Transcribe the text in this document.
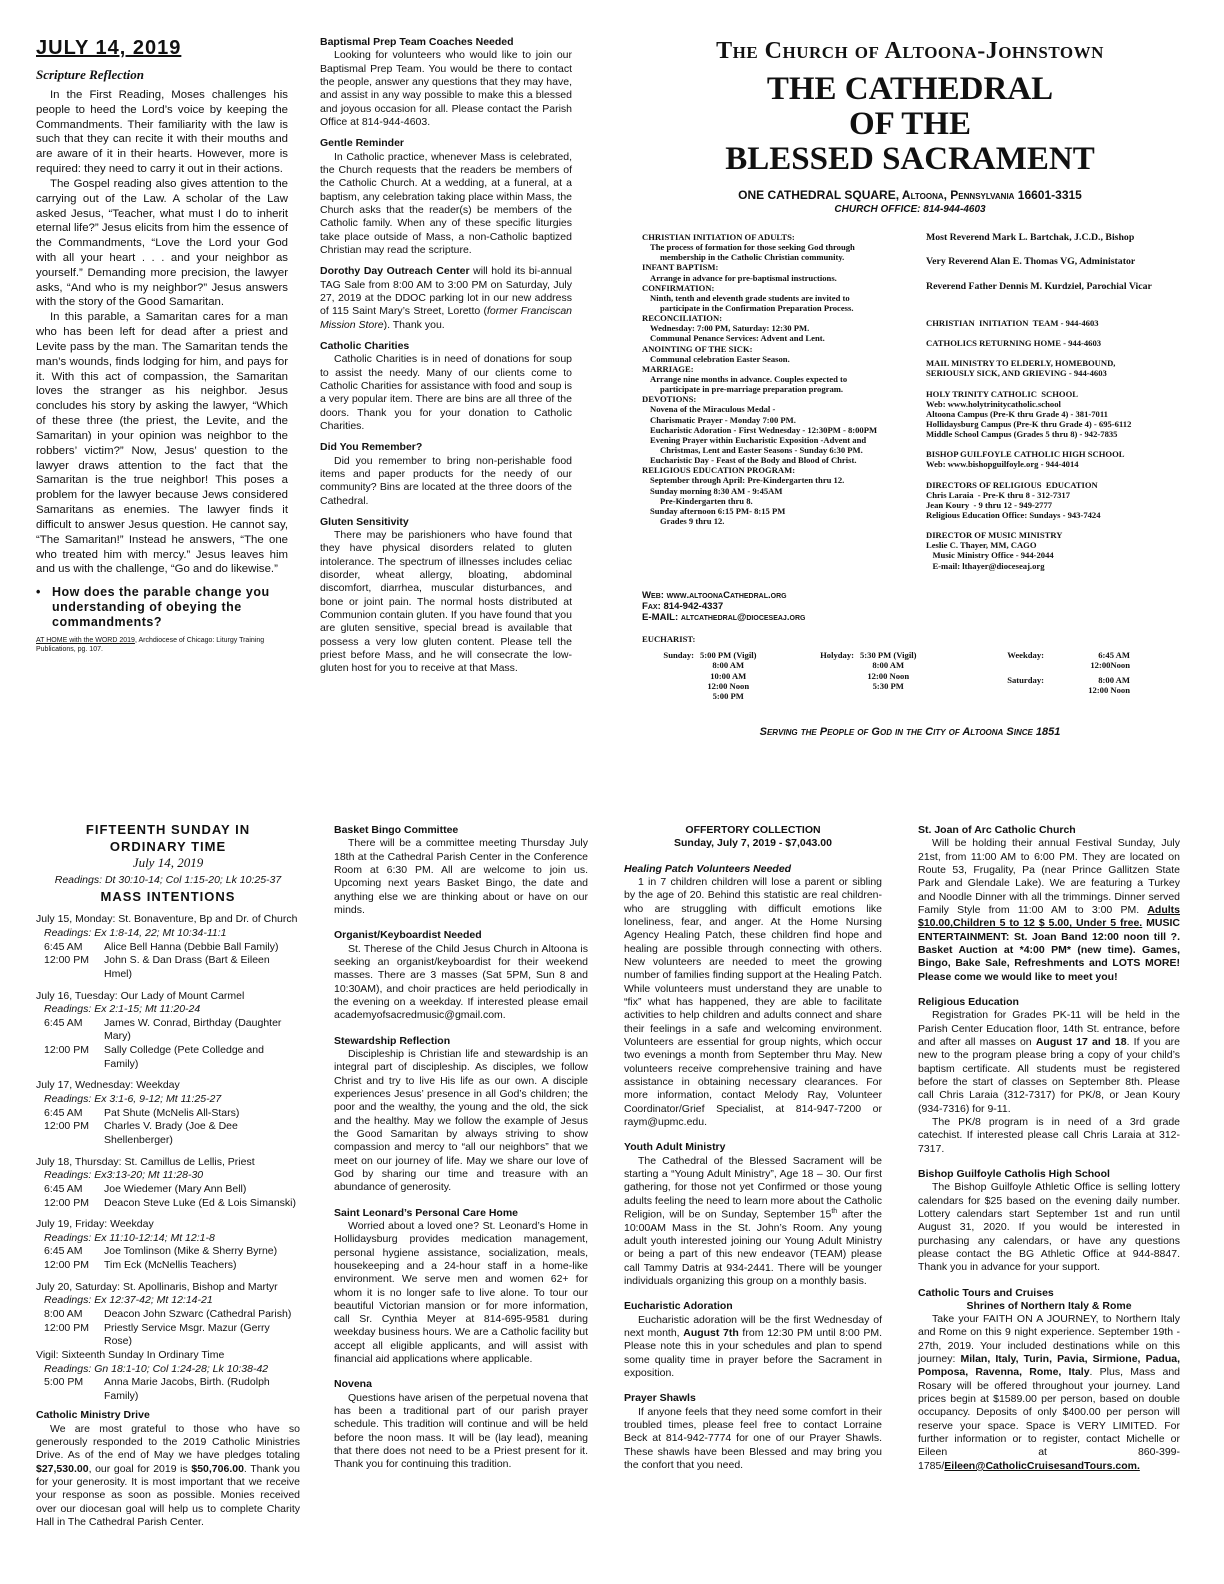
JULY 14, 2019
Scripture Reflection

In the First Reading, Moses challenges his people to heed the Lord’s voice by keeping the Commandments. Their familiarity with the law is such that they can recite it with their mouths and are aware of it in their hearts. However, more is required: they need to carry it out in their actions.

The Gospel reading also gives attention to the carrying out of the Law. A scholar of the Law asked Jesus, “Teacher, what must I do to inherit eternal life?” Jesus elicits from him the essence of the Commandments, “Love the Lord your God with all your heart . . . and your neighbor as yourself.” Demanding more precision, the lawyer asks, “And who is my neighbor?” Jesus answers with the story of the Good Samaritan.

In this parable, a Samaritan cares for a man who has been left for dead after a priest and Levite pass by the man. The Samaritan tends the man’s wounds, finds lodging for him, and pays for it. With this act of compassion, the Samaritan loves the stranger as his neighbor. Jesus concludes his story by asking the lawyer, “Which of these three (the priest, the Levite, and the Samaritan) in your opinion was neighbor to the robbers’ victim?” Now, Jesus’ question to the lawyer draws attention to the fact that the Samaritan is the true neighbor! This poses a problem for the lawyer because Jews considered Samaritans as enemies. The lawyer finds it difficult to answer Jesus question. He cannot say, “The Samaritan!” Instead he answers, “The one who treated him with mercy.” Jesus leaves him and us with the challenge, “Go and do likewise.”

• How does the parable change you understanding of obeying the commandments?
AT HOME with the WORD 2019, Archdiocese of Chicago: Liturgy Training Publications, pg. 107.
Baptismal Prep Team Coaches Needed

Looking for volunteers who would like to join our Baptismal Prep Team. You would be there to contact the people, answer any questions that they may have, and assist in any way possible to make this a blessed and joyous occasion for all. Please contact the Parish Office at 814-944-4603.

Gentle Reminder

In Catholic practice, whenever Mass is celebrated, the Church requests that the readers be members of the Catholic Church. At a wedding, at a funeral, at a baptism, any celebration taking place within Mass, the Church asks that the reader(s) be members of the Catholic family. When any of these specific liturgies take place outside of Mass, a non-Catholic baptized Christian may read the scripture.

Dorothy Day Outreach Center will hold its bi-annual TAG Sale from 8:00 AM to 3:00 PM on Saturday, July 27, 2019 at the DDOC parking lot in our new address of 115 Saint Mary’s Street, Loretto (former Franciscan Mission Store). Thank you.

Catholic Charities

Catholic Charities is in need of donations for soup to assist the needy. Many of our clients come to Catholic Charities for assistance with food and soup is a very popular item. There are bins are all three of the doors. Thank you for your donation to Catholic Charities.

Did You Remember?

Did you remember to bring non-perishable food items and paper products for the needy of our community? Bins are located at the three doors of the Cathedral.

Gluten Sensitivity

There may be parishioners who have found that they have physical disorders related to gluten intolerance. The spectrum of illnesses includes celiac disorder, wheat allergy, bloating, abdominal discomfort, diarrhea, muscular disturbances, and bone or joint pain. The normal hosts distributed at Communion contain gluten. If you have found that you are gluten sensitive, special bread is available that possess a very low gluten content. Please tell the priest before Mass, and he will consecrate the low-gluten host for you to receive at that Mass.

The Church of Altoona-Johnstown
THE CATHEDRAL
OF THE
BLESSED SACRAMENT
ONE CATHEDRAL SQUARE, Altoona, Pennsylvania 16601-3315
CHURCH OFFICE: 814-944-4603
CHRISTIAN INITIATION OF ADULTS:
The process of formation for those seeking God through
membership in the Catholic Christian community.
INFANT BAPTISM:
Arrange in advance for pre-baptismal instructions.
CONFIRMATION:
Ninth, tenth and eleventh grade students are invited to
participate in the Confirmation Preparation Process.
RECONCILIATION:
Wednesday: 7:00 PM, Saturday: 12:30 PM.
Communal Penance Services: Advent and Lent.
ANOINTING OF THE SICK:
Communal celebration Easter Season.
MARRIAGE:
Arrange nine months in advance. Couples expected to
participate in pre-marriage preparation program.
DEVOTIONS:
Novena of the Miraculous Medal -
Charismatic Prayer - Monday 7:00 PM.
Eucharistic Adoration - First Wednesday - 12:30PM - 8:00PM
Evening Prayer within Eucharistic Exposition -Advent and
Christmas, Lent and Easter Seasons - Sunday 6:30 PM.
Eucharistic Day - Feast of the Body and Blood of Christ.
RELIGIOUS EDUCATION PROGRAM:
September through April: Pre-Kindergarten thru 12.
Sunday morning 8:30 AM - 9:45AM
Pre-Kindergarten thru 8.
Sunday afternoon 6:15 PM- 8:15 PM
Grades 9 thru 12.
Web: www.altoonaCathedral.org
Fax: 814-942-4337
E-MAIL: altcathedral@dioceseaj.org
Most Reverend Mark L. Bartchak, J.C.D., Bishop
Very Reverend Alan E. Thomas VG, Administator
Reverend Father Dennis M. Kurdziel, Parochial Vicar
CHRISTIAN  INITIATION  TEAM - 944-4603
CATHOLICS RETURNING HOME - 944-4603
MAIL MINISTRY TO ELDERLY, HOMEBOUND,
SERIOUSLY SICK, AND GRIEVING - 944-4603
HOLY TRINITY CATHOLIC  SCHOOL
Web: www.holytrinitycatholic.school
Altoona Campus (Pre-K thru Grade 4) - 381-7011
Hollidaysburg Campus (Pre-K thru Grade 4) - 695-6112
Middle School Campus (Grades 5 thru 8) - 942-7835
BISHOP GUILFOYLE CATHOLIC HIGH SCHOOL
Web: www.bishopguilfoyle.org - 944-4014
DIRECTORS OF RELIGIOUS  EDUCATION
Chris Laraia  - Pre-K thru 8 - 312-7317
Jean Koury  - 9 thru 12 - 949-2777
Religious Education Office: Sundays - 943-7424
DIRECTOR OF MUSIC MINISTRY
Leslie C. Thayer, MM, CAGO
Music Ministry Office - 944-2044
E-mail: lthayer@dioceseaj.org
EUCHARIST:
Sunday: 5:00 PM (Vigil)
8:00 AM
10:00 AM
12:00 Noon
5:00 PM
Holyday: 5:30 PM (Vigil)
8:00 AM
12:00 Noon
5:30 PM
Weekday:	6:45 AM
12:00Noon
Saturday:	8:00 AM
12:00 Noon
Serving the People of God in the City of Altoona Since 1851
FIFTEENTH SUNDAY IN
ORDINARY TIME
July 14, 2019
Readings: Dt 30:10-14; Col 1:15-20; Lk 10:25-37
MASS INTENTIONS
July 15, Monday: St. Bonaventure, Bp and Dr. of Church
Readings: Ex 1:8-14, 22; Mt 10:34-11:1
6:45 AM	Alice Bell Hanna (Debbie Ball Family)
12:00 PM	John S. & Dan Drass (Bart & Eileen Hmel)
July 16, Tuesday: Our Lady of Mount Carmel
Readings: Ex 2:1-15; Mt 11:20-24
6:45 AM	James W. Conrad, Birthday (Daughter Mary)
12:00 PM	Sally Colledge (Pete Colledge and Family)
July 17, Wednesday: Weekday
Readings: Ex 3:1-6, 9-12; Mt 11:25-27
6:45 AM	Pat Shute (McNelis All-Stars)
12:00 PM	Charles V. Brady (Joe & Dee Shellenberger)
July 18, Thursday: St. Camillus de Lellis, Priest
Readings: Ex3:13-20; Mt 11:28-30
6:45 AM	Joe Wiedemer (Mary Ann Bell)
12:00 PM	Deacon Steve Luke (Ed & Lois Simanski)
July 19, Friday: Weekday
Readings: Ex 11:10-12:14; Mt 12:1-8
6:45 AM	Joe Tomlinson (Mike & Sherry Byrne)
12:00 PM	Tim Eck (McNellis Teachers)
July 20, Saturday: St. Apollinaris, Bishop and Martyr
Readings: Ex 12:37-42; Mt 12:14-21
8:00 AM	Deacon John Szwarc (Cathedral Parish)
12:00 PM	Priestly Service Msgr. Mazur (Gerry Rose)
Vigil: Sixteenth Sunday In Ordinary Time
Readings: Gn 18:1-10; Col 1:24-28; Lk 10:38-42
5:00 PM	Anna Marie Jacobs, Birth. (Rudolph Family)
Catholic Ministry Drive

We are most grateful to those who have so generously responded to the 2019 Catholic Ministries Drive. As of the end of May we have pledges totaling $27,530.00, our goal for 2019 is $50,706.00. Thank you for your generosity. It is most important that we receive your response as soon as possible. Monies received over our diocesan goal will help us to complete Charity Hall in The Cathedral Parish Center.

Basket Bingo Committee

There will be a committee meeting Thursday July 18th at the Cathedral Parish Center in the Conference Room at 6:30 PM. All are welcome to join us. Upcoming next years Basket Bingo, the date and anything else we are thinking about or have on our minds.

Organist/Keyboardist Needed

St. Therese of the Child Jesus Church in Altoona is seeking an organist/keyboardist for their weekend masses. There are 3 masses (Sat 5PM, Sun 8 and 10:30AM), and choir practices are held periodically in the evening on a weekday. If interested please email academyofsacredmusic@gmail.com.

Stewardship Reflection

Discipleship is Christian life and stewardship is an integral part of discipleship. As disciples, we follow Christ and try to live His life as our own. A disciple experiences Jesus’ presence in all God’s children; the poor and the wealthy, the young and the old, the sick and the healthy. May we follow the example of Jesus the Good Samaritan by always striving to show compassion and mercy to “all our neighbors” that we meet on our journey of life. May we share our love of God by sharing our time and treasure with an abundance of generosity.

Saint Leonard’s Personal Care Home

Worried about a loved one? St. Leonard’s Home in Hollidaysburg provides medication management, personal hygiene assistance, socialization, meals, housekeeping and a 24-hour staff in a home-like environment. We serve men and women 62+ for whom it is no longer safe to live alone. To tour our beautiful Victorian mansion or for more information, call Sr. Cynthia Meyer at 814-695-9581 during weekday business hours. We are a Catholic facility but accept all eligible applicants, and will assist with financial aid applications where applicable.

Novena

Questions have arisen of the perpetual novena that has been a traditional part of our parish prayer schedule. This tradition will continue and will be held before the noon mass. It will be (lay lead), meaning that there does not need to be a Priest present for it. Thank you for continuing this tradition.

OFFERTORY COLLECTION
Sunday, July 7, 2019 - $7,043.00
Healing Patch Volunteers Needed

1 in 7 children children will lose a parent or sibling by the age of 20. Behind this statistic are real children- who are struggling with difficult emotions like loneliness, fear, and anger. At the Home Nursing Agency Healing Patch, these children find hope and healing are possible through connecting with others. New volunteers are needed to meet the growing number of families finding support at the Healing Patch. While volunteers must understand they are unable to “fix” what has happened, they are able to facilitate activities to help children and adults connect and share their feelings in a safe and welcoming environment. Volunteers are essential for group nights, which occur two evenings a month from September thru May. New volunteers receive comprehensive training and have assistance in obtaining necessary clearances. For more information, contact Melody Ray, Volunteer Coordinator/Grief Specialist, at 814-947-7200 or raym@upmc.edu.

Youth Adult Ministry

The Cathedral of the Blessed Sacrament will be starting a “Young Adult Ministry”, Age 18 – 30. Our first gathering, for those not yet Confirmed or those young adults feeling the need to learn more about the Catholic Religion, will be on Sunday, September 15th after the 10:00AM Mass in the St. John’s Room. Any young adult youth interested joining our Young Adult Ministry or being a part of this new endeavor (TEAM) please call Tammy Datris at 934-2441. There will be younger individuals organizing this group on a monthly basis.

Eucharistic Adoration

Eucharistic adoration will be the first Wednesday of next month, August 7th from 12:30 PM until 8:00 PM. Please note this in your schedules and plan to spend some quality time in prayer before the Sacrament in exposition.

Prayer Shawls

If anyone feels that they need some comfort in their troubled times, please feel free to contact Lorraine Beck at 814-942-7774 for one of our Prayer Shawls. These shawls have been Blessed and may bring you the confort that you need.

St. Joan of Arc Catholic Church

Will be holding their annual Festival Sunday, July 21st, from 11:00 AM to 6:00 PM. They are located on Route 53, Frugality, Pa (near Prince Gallitzen State Park and Glendale Lake). We are featuring a Turkey and Noodle Dinner with all the trimmings. Dinner served Family Style from 11:00 AM to 3:00 PM. Adults $10.00,Children 5 to 12 $ 5.00, Under 5 free. MUSIC ENTERTAINMENT: St. Joan Band 12:00 noon till ?. Basket Auction at *4:00 PM* (new time). Games, Bingo, Bake Sale, Refreshments and LOTS MORE! Please come we would like to meet you!

Religious Education

Registration for Grades PK-11 will be held in the Parish Center Education floor, 14th St. entrance, before and after all masses on August 17 and 18. If you are new to the program please bring a copy of your child’s baptism certificate. All students must be registered before the start of classes on September 8th. Please call Chris Laraia (312-7317) for PK/8, or Jean Koury (934-7316) for 9-11.

The PK/8 program is in need of a 3rd grade catechist. If interested please call Chris Laraia at 312-7317.

Bishop Guilfoyle Catholis High School

The Bishop Guilfoyle Athletic Office is selling lottery calendars for $25 based on the evening daily number. Lottery calendars start September 1st and run until August 31, 2020. If you would be interested in purchasing any calendars, or have any questions please contact the BG Athletic Office at 944-8847. Thank you in advance for your support.

Catholic Tours and Cruises
Shrines of Northern Italy & Rome

Take your FAITH ON A JOURNEY, to Northern Italy and Rome on this 9 night experience. September 19th - 27th, 2019. Your included destinations while on this journey: Milan, Italy, Turin, Pavia, Sirmione, Padua, Pomposa, Ravenna, Rome, Italy. Plus, Mass and Rosary will be offered throughout your journey. Land prices begin at $1589.00 per person, based on double occupancy. Deposits of only $400.00 per person will reserve your space. Space is VERY LIMITED. For further information or to register, contact Michelle or Eileen at 860-399-1785/Eileen@CatholicCruisesandTours.com.
